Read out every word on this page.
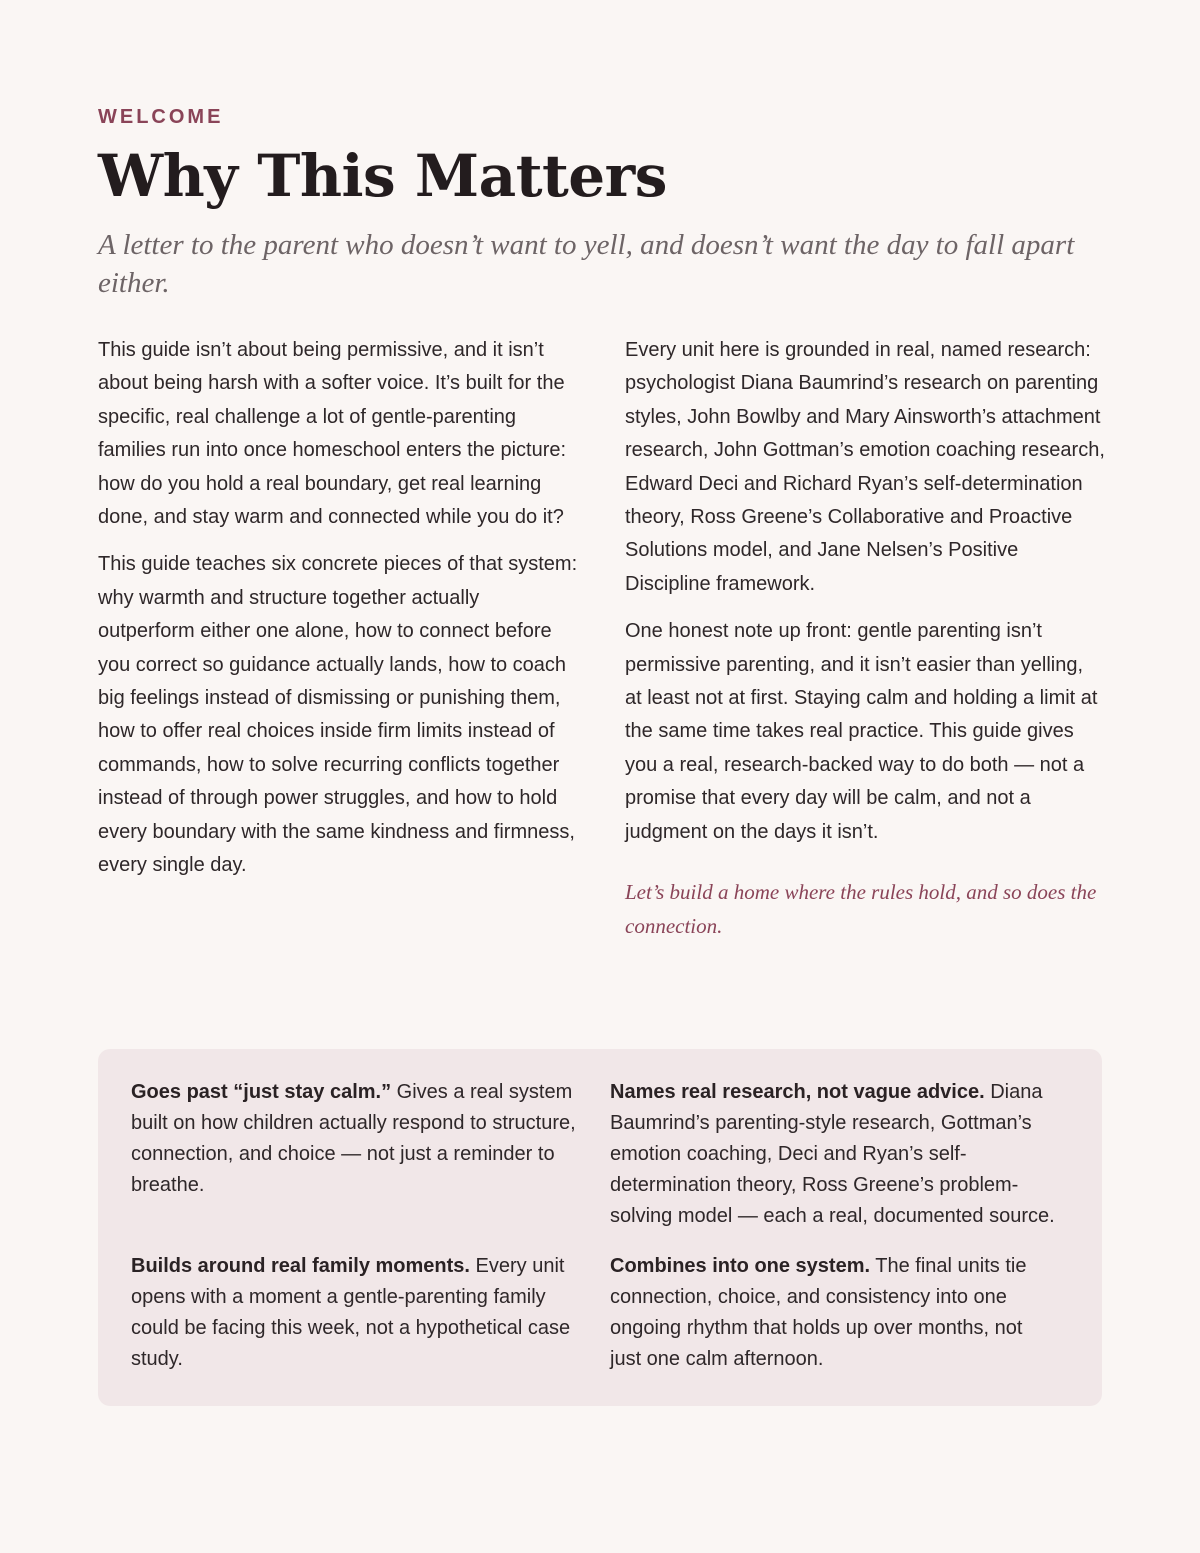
WELCOME
Why This Matters

A letter to the parent who doesn’t want to yell, and doesn’t want the day to fall apart either.

This guide isn’t about being permissive, and it isn’t about being harsh with a softer voice. It’s built for the specific, real challenge a lot of gentle-parenting families run into once homeschool enters the picture: how do you hold a real boundary, get real learning done, and stay warm and connected while you do it?

This guide teaches six concrete pieces of that system: why warmth and structure together actually outperform either one alone, how to connect before you correct so guidance actually lands, how to coach big feelings instead of dismissing or punishing them, how to offer real choices inside firm limits instead of commands, how to solve recurring conflicts together instead of through power struggles, and how to hold every boundary with the same kindness and firmness, every single day.

Every unit here is grounded in real, named research: psychologist Diana Baumrind’s research on parenting styles, John Bowlby and Mary Ainsworth’s attachment research, John Gottman’s emotion coaching research, Edward Deci and Richard Ryan’s self-determination theory, Ross Greene’s Collaborative and Proactive Solutions model, and Jane Nelsen’s Positive Discipline framework.

One honest note up front: gentle parenting isn’t permissive parenting, and it isn’t easier than yelling, at least not at first. Staying calm and holding a limit at the same time takes real practice. This guide gives you a real, research-backed way to do both — not a promise that every day will be calm, and not a judgment on the days it isn’t.

Let’s build a home where the rules hold, and so does the connection.

Goes past “just stay calm.” Gives a real system built on how children actually respond to structure, connection, and choice — not just a reminder to breathe.

Names real research, not vague advice. Diana Baumrind’s parenting-style research, Gottman’s emotion coaching, Deci and Ryan’s self-determination theory, Ross Greene’s problem-solving model — each a real, documented source.

Builds around real family moments. Every unit opens with a moment a gentle-parenting family could be facing this week, not a hypothetical case study.

Combines into one system. The final units tie connection, choice, and consistency into one ongoing rhythm that holds up over months, not just one calm afternoon.
